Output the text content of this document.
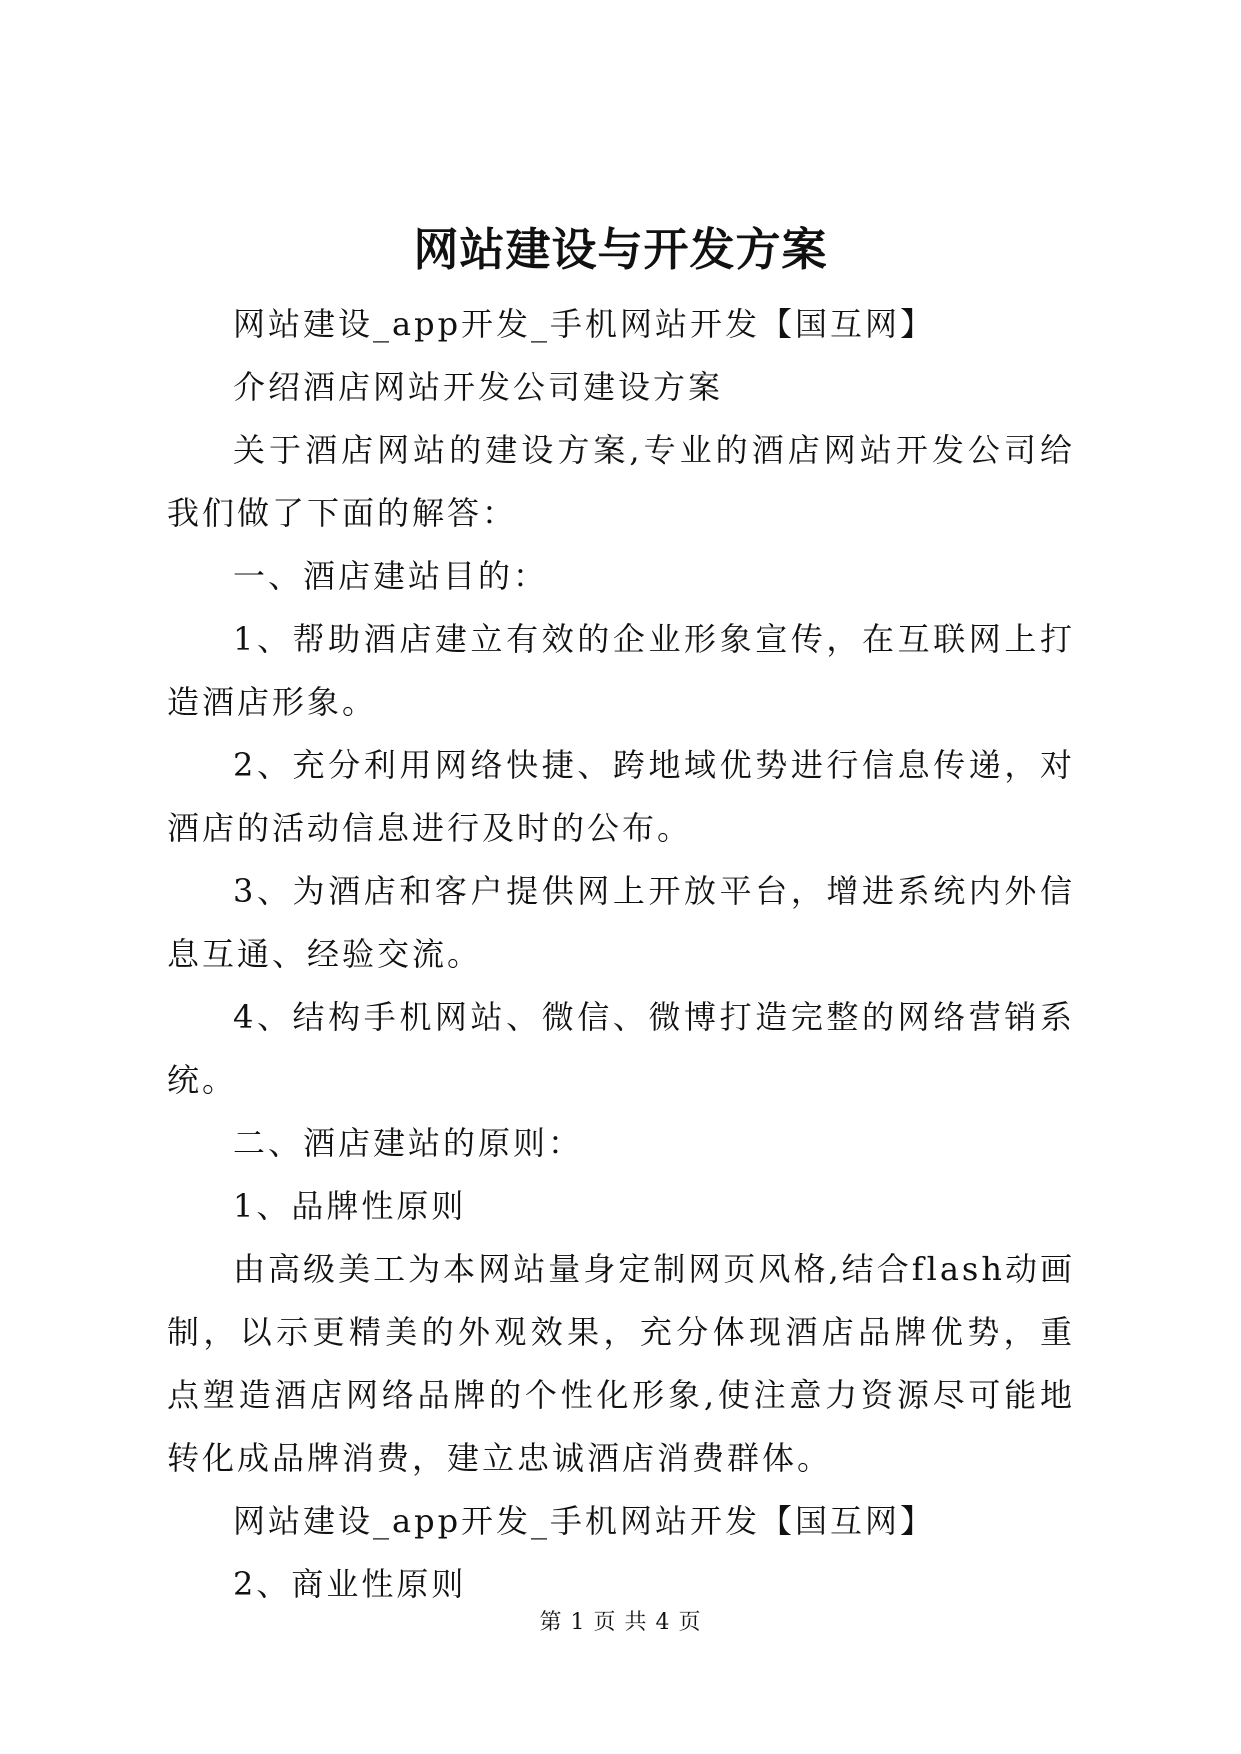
网站建设与开发方案

网站建设_app开发_手机网站开发【国互网】

介绍酒店网站开发公司建设方案

关于酒店网站的建设方案,专业的酒店网站开发公司给我们做了下面的解答：

一、酒店建站目的：

1、帮助酒店建立有效的企业形象宣传，在互联网上打造酒店形象。

2、充分利用网络快捷、跨地域优势进行信息传递，对酒店的活动信息进行及时的公布。

3、为酒店和客户提供网上开放平台，增进系统内外信息互通、经验交流。

4、结构手机网站、微信、微博打造完整的网络营销系统。

二、酒店建站的原则：

1、品牌性原则

由高级美工为本网站量身定制网页风格,结合flash动画制，以示更精美的外观效果，充分体现酒店品牌优势，重点塑造酒店网络品牌的个性化形象,使注意力资源尽可能地转化成品牌消费，建立忠诚酒店消费群体。

网站建设_app开发_手机网站开发【国互网】

2、商业性原则

第 1 页 共 4 页
